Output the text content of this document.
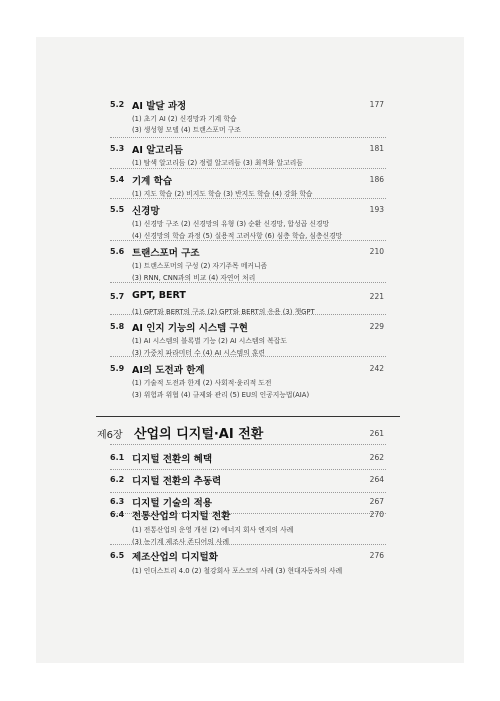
5.2 AI 발달 과정	177
(1) 초기 AI (2) 신경망과 기계 학습
(3) 생성형 모델 (4) 트랜스포머 구조
5.3 AI 알고리듬	181
(1) 탐색 알고리듬 (2) 정렬 알고리듬 (3) 최적화 알고리듬
5.4 기계 학습	186
(1) 지도 학습 (2) 비지도 학습 (3) 반지도 학습 (4) 강화 학습
5.5 신경망	193
(1) 신경망 구조 (2) 신경망의 유형 (3) 순환 신경망, 합성곱 신경망
(4) 신경망의 학습 과정 (5) 실용적 고려사항 (6) 심층 학습, 심층신경망
5.6 트랜스포머 구조	210
(1) 트랜스포머의 구성 (2) 자기주목 메커니즘
(3) RNN, CNN과의 비교 (4) 자연어 처리
5.7 GPT, BERT	221
(1) GPT와 BERT의 구조 (2) GPT와 BERT의 응용 (3) 챗GPT
5.8 AI 인지 기능의 시스템 구현	229
(1) AI 시스템의 블록별 기능 (2) AI 시스템의 복잡도
(3) 가중치 파라미터 수 (4) AI 시스템의 훈련
5.9 AI의 도전과 한계	242
(1) 기술적 도전과 한계 (2) 사회적·윤리적 도전
(3) 위험과 위협 (4) 규제와 관리 (5) EU의 인공지능법(AIA)
제6장 산업의 디지털·AI 전환	261
6.1 디지털 전환의 혜택	262
6.2 디지털 전환의 추동력	264
6.3 디지털 기술의 적용	267
6.4 전통산업의 디지털 전환	270
(1) 전통산업의 운영 개선 (2) 에너지 회사 엔지의 사례
(3) 농기계 제조사 존디어의 사례
6.5 제조산업의 디지털화	276
(1) 인더스트리 4.0 (2) 철강회사 포스코의 사례 (3) 현대자동차의 사례
